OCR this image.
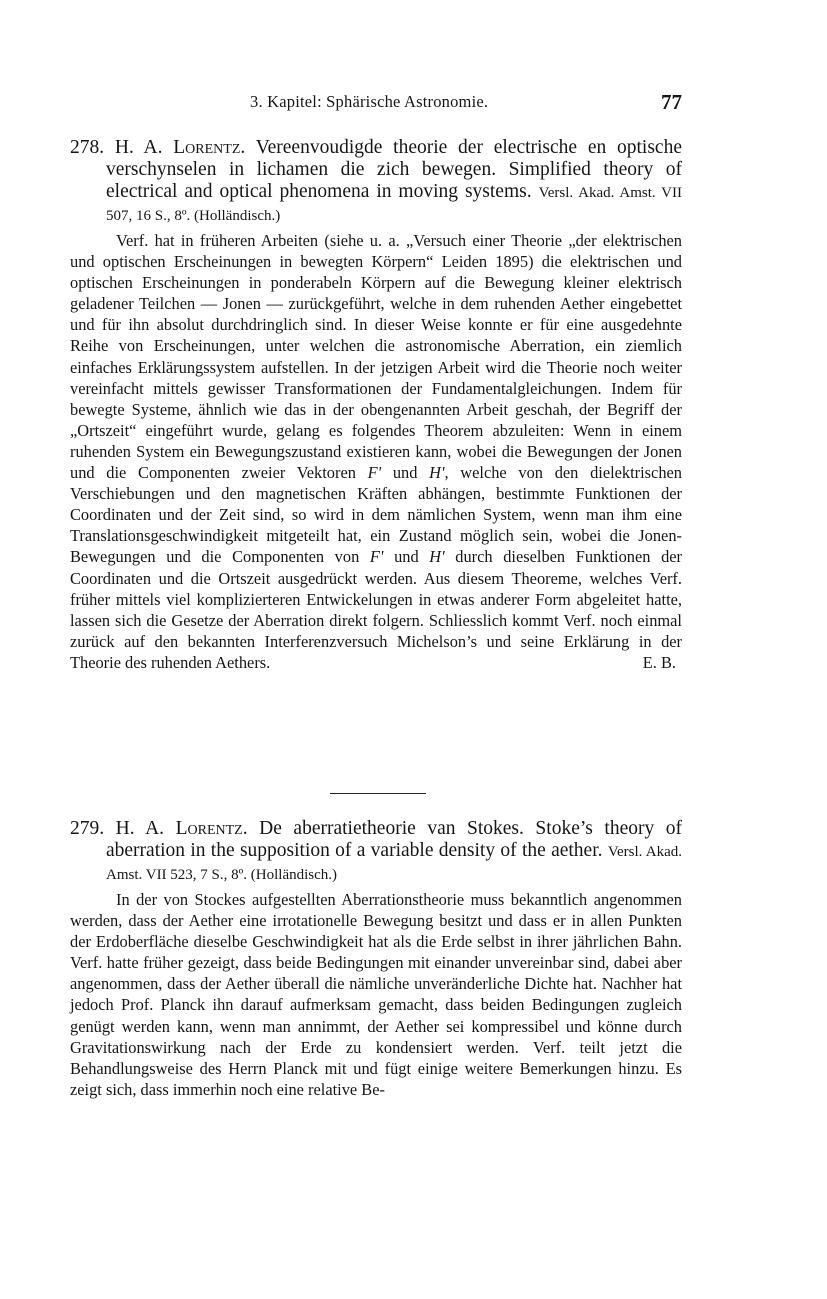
3. Kapitel: Sphärische Astronomie.	77

278. H. A. Lorentz. Vereenvoudigde theorie der electrische en optische verschynselen in lichamen die zich bewegen. Simplified theory of electrical and optical phenomena in moving systems. Versl. Akad. Amst. VII 507, 16 S., 8º. (Holländisch.)

Verf. hat in früheren Arbeiten (siehe u. a. „Versuch einer Theorie „der elektrischen und optischen Erscheinungen in bewegten Körpern“ Leiden 1895) die elektrischen und optischen Erscheinungen in ponderabeln Körpern auf die Bewegung kleiner elektrisch geladener Teilchen — Jonen — zurückgeführt, welche in dem ruhenden Aether eingebettet und für ihn absolut durchdringlich sind. In dieser Weise konnte er für eine ausgedehnte Reihe von Erscheinungen, unter welchen die astronomische Aberration, ein ziemlich einfaches Erklärungssystem aufstellen. In der jetzigen Arbeit wird die Theorie noch weiter vereinfacht mittels gewisser Transformationen der Fundamentalgleichungen. Indem für bewegte Systeme, ähnlich wie das in der obengenannten Arbeit geschah, der Begriff der „Ortszeit“ eingeführt wurde, gelang es folgendes Theorem abzuleiten: Wenn in einem ruhenden System ein Bewegungszustand existieren kann, wobei die Bewegungen der Jonen und die Componenten zweier Vektoren F' und H', welche von den dielektrischen Verschiebungen und den magnetischen Kräften abhängen, bestimmte Funktionen der Coordinaten und der Zeit sind, so wird in dem nämlichen System, wenn man ihm eine Translationsgeschwindigkeit mitgeteilt hat, ein Zustand möglich sein, wobei die Jonen-Bewegungen und die Componenten von F' und H' durch dieselben Funktionen der Coordinaten und die Ortszeit ausgedrückt werden. Aus diesem Theoreme, welches Verf. früher mittels viel komplizierteren Entwickelungen in etwas anderer Form abgeleitet hatte, lassen sich die Gesetze der Aberration direkt folgern. Schliesslich kommt Verf. noch einmal zurück auf den bekannten Interferenzversuch Michelson’s und seine Erklärung in der Theorie des ruhenden Aethers.	E. B.

279. H. A. Lorentz. De aberratietheorie van Stokes. Stoke’s theory of aberration in the supposition of a variable density of the aether. Versl. Akad. Amst. VII 523, 7 S., 8º. (Holländisch.)

In der von Stockes aufgestellten Aberrationstheorie muss bekanntlich angenommen werden, dass der Aether eine irrotationelle Bewegung besitzt und dass er in allen Punkten der Erdoberfläche dieselbe Geschwindigkeit hat als die Erde selbst in ihrer jährlichen Bahn. Verf. hatte früher gezeigt, dass beide Bedingungen mit einander unvereinbar sind, dabei aber angenommen, dass der Aether überall die nämliche unveränderliche Dichte hat. Nachher hat jedoch Prof. Planck ihn darauf aufmerksam gemacht, dass beiden Bedingungen zugleich genügt werden kann, wenn man annimmt, der Aether sei kompressibel und könne durch Gravitationswirkung nach der Erde zu kondensiert werden. Verf. teilt jetzt die Behandlungsweise des Herrn Planck mit und fügt einige weitere Bemerkungen hinzu. Es zeigt sich, dass immerhin noch eine relative Be-
